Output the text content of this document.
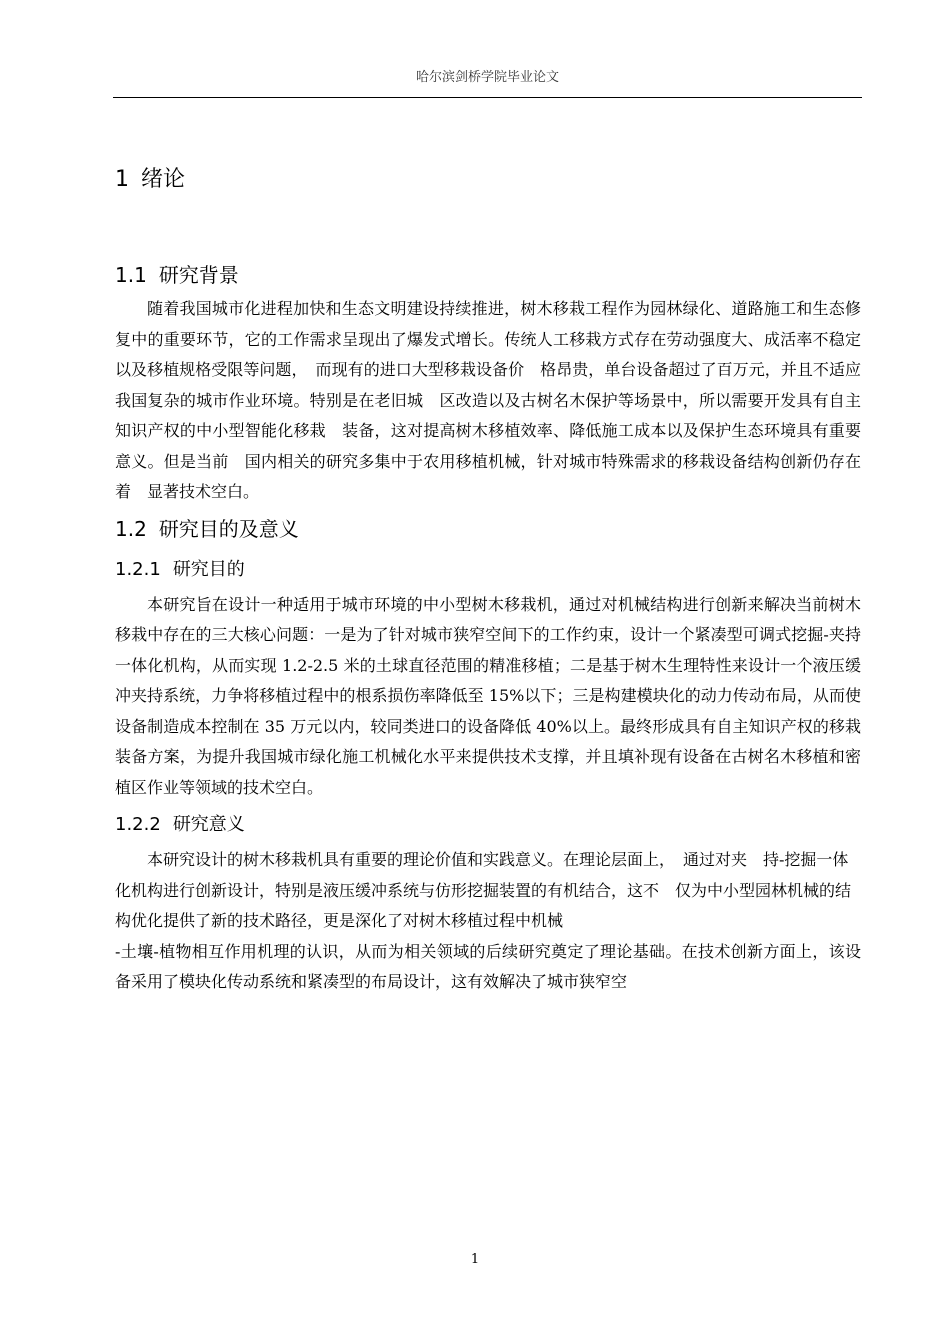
哈尔滨剑桥学院毕业论文
1 绪论
1.1 研究背景

随着我国城市化进程加快和生态文明建设持续推进，树木移栽工程作为园林绿化、道路施工和生态修复中的重要环节，它的工作需求呈现出了爆发式增长。传统人工移栽方式存在劳动强度大、成活率不稳定以及移植规格受限等问题，　而现有的进口大型移栽设备价　格昂贵，单台设备超过了百万元，并且不适应我国复杂的城市作业环境。特别是在老旧城　区改造以及古树名木保护等场景中，所以需要开发具有自主知识产权的中小型智能化移栽　装备，这对提高树木移植效率、降低施工成本以及保护生态环境具有重要意义。但是当前　国内相关的研究多集中于农用移植机械，针对城市特殊需求的移栽设备结构创新仍存在着　显著技术空白。

1.2 研究目的及意义
1.2.1 研究目的

本研究旨在设计一种适用于城市环境的中小型树木移栽机，通过对机械结构进行创新来解决当前树木移栽中存在的三大核心问题：一是为了针对城市狭窄空间下的工作约束，设计一个紧凑型可调式挖掘-夹持一体化机构，从而实现 1.2-2.5 米的土球直径范围的精准移植；二是基于树木生理特性来设计一个液压缓冲夹持系统，力争将移植过程中的根系损伤率降低至 15%以下；三是构建模块化的动力传动布局，从而使设备制造成本控制在 35 万元以内，较同类进口的设备降低 40%以上。最终形成具有自主知识产权的移栽装备方案，为提升我国城市绿化施工机械化水平来提供技术支撑，并且填补现有设备在古树名木移植和密植区作业等领域的技术空白。

1.2.2 研究意义

本研究设计的树木移栽机具有重要的理论价值和实践意义。在理论层面上，　通过对夹　持-挖掘一体化机构进行创新设计，特别是液压缓冲系统与仿形挖掘装置的有机结合，这不　仅为中小型园林机械的结构优化提供了新的技术路径，更是深化了对树木移植过程中机械

-土壤-植物相互作用机理的认识，从而为相关领域的后续研究奠定了理论基础。在技术创新方面上，该设备采用了模块化传动系统和紧凑型的布局设计，这有效解决了城市狭窄空

1
